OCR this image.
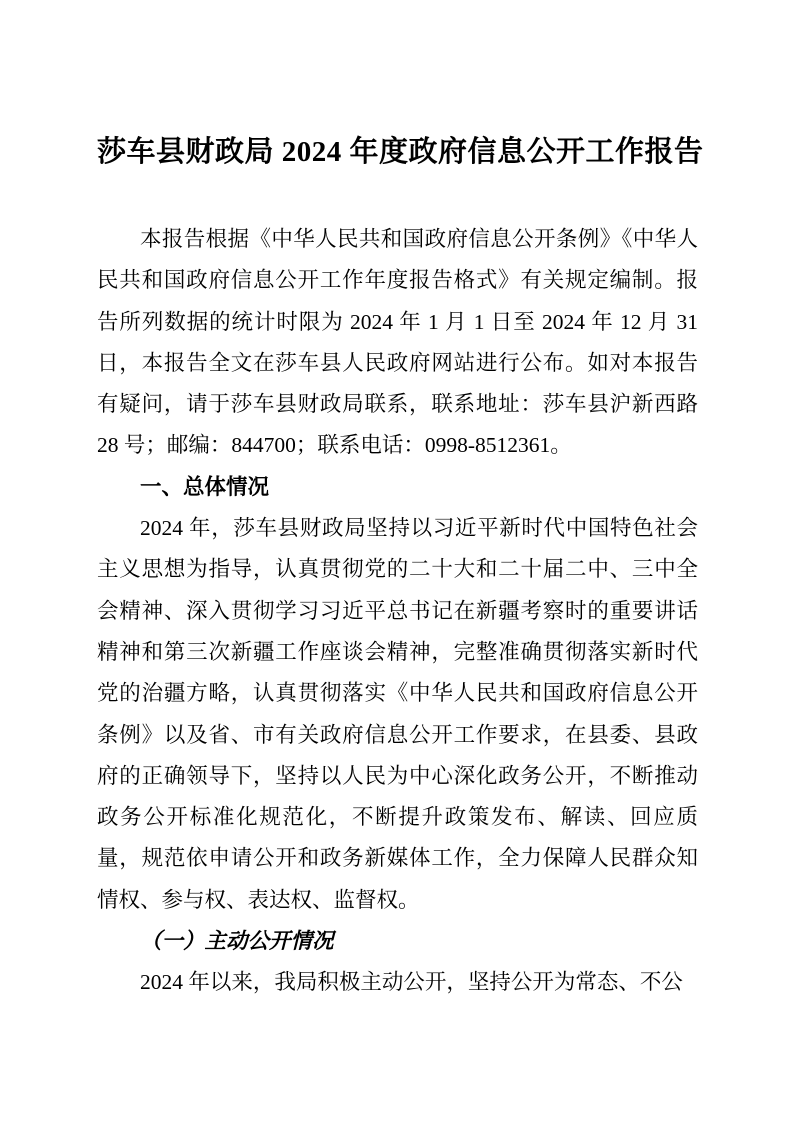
莎车县财政局 2024 年度政府信息公开工作报告

本报告根据《中华人民共和国政府信息公开条例》《中华人民共和国政府信息公开工作年度报告格式》有关规定编制。报告所列数据的统计时限为 2024 年 1 月 1 日至 2024 年 12 月 31 日，本报告全文在莎车县人民政府网站进行公布。如对本报告有疑问，请于莎车县财政局联系，联系地址：莎车县沪新西路 28 号；邮编：844700；联系电话：0998-8512361。

一、总体情况

2024 年，莎车县财政局坚持以习近平新时代中国特色社会主义思想为指导，认真贯彻党的二十大和二十届二中、三中全会精神、深入贯彻学习习近平总书记在新疆考察时的重要讲话精神和第三次新疆工作座谈会精神，完整准确贯彻落实新时代党的治疆方略，认真贯彻落实《中华人民共和国政府信息公开条例》以及省、市有关政府信息公开工作要求，在县委、县政府的正确领导下，坚持以人民为中心深化政务公开，不断推动政务公开标准化规范化，不断提升政策发布、解读、回应质量，规范依申请公开和政务新媒体工作，全力保障人民群众知情权、参与权、表达权、监督权。

（一）主动公开情况

2024 年以来，我局积极主动公开，坚持公开为常态、不公
